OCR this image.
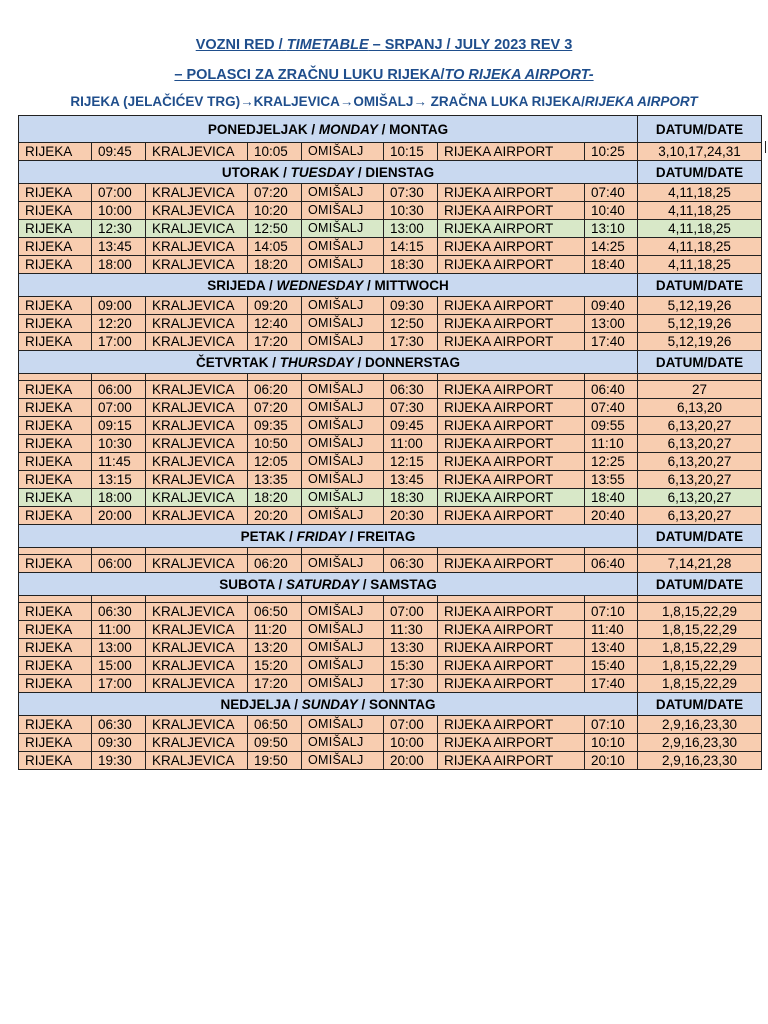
VOZNI RED / TIMETABLE – SRPANJ / JULY 2023 REV 3
– POLASCI ZA ZRAČNU LUKU RIJEKA/TO RIJEKA AIRPORT-
RIJEKA (JELAČIĆEV TRG)→KRALJEVICA→OMIŠALJ→ ZRAČNA LUKA RIJEKA/RIJEKA AIRPORT
PONEDJELJAK / MONDAY / MONTAG								DATUM/DATE
RIJEKA	09:45	KRALJEVICA	10:05	OMIŠALJ	10:15	RIJEKA AIRPORT	10:25	3,10,17,24,31
UTORAK / TUESDAY / DIENSTAG								DATUM/DATE
RIJEKA	07:00	KRALJEVICA	07:20	OMIŠALJ	07:30	RIJEKA AIRPORT	07:40	4,11,18,25
RIJEKA	10:00	KRALJEVICA	10:20	OMIŠALJ	10:30	RIJEKA AIRPORT	10:40	4,11,18,25
RIJEKA	12:30	KRALJEVICA	12:50	OMIŠALJ	13:00	RIJEKA AIRPORT	13:10	4,11,18,25
RIJEKA	13:45	KRALJEVICA	14:05	OMIŠALJ	14:15	RIJEKA AIRPORT	14:25	4,11,18,25
RIJEKA	18:00	KRALJEVICA	18:20	OMIŠALJ	18:30	RIJEKA AIRPORT	18:40	4,11,18,25
SRIJEDA / WEDNESDAY / MITTWOCH								DATUM/DATE
RIJEKA	09:00	KRALJEVICA	09:20	OMIŠALJ	09:30	RIJEKA AIRPORT	09:40	5,12,19,26
RIJEKA	12:20	KRALJEVICA	12:40	OMIŠALJ	12:50	RIJEKA AIRPORT	13:00	5,12,19,26
RIJEKA	17:00	KRALJEVICA	17:20	OMIŠALJ	17:30	RIJEKA AIRPORT	17:40	5,12,19,26
ČETVRTAK / THURSDAY / DONNERSTAG								DATUM/DATE

RIJEKA	06:00	KRALJEVICA	06:20	OMIŠALJ	06:30	RIJEKA AIRPORT	06:40	27
RIJEKA	07:00	KRALJEVICA	07:20	OMIŠALJ	07:30	RIJEKA AIRPORT	07:40	6,13,20
RIJEKA	09:15	KRALJEVICA	09:35	OMIŠALJ	09:45	RIJEKA AIRPORT	09:55	6,13,20,27
RIJEKA	10:30	KRALJEVICA	10:50	OMIŠALJ	11:00	RIJEKA AIRPORT	11:10	6,13,20,27
RIJEKA	11:45	KRALJEVICA	12:05	OMIŠALJ	12:15	RIJEKA AIRPORT	12:25	6,13,20,27
RIJEKA	13:15	KRALJEVICA	13:35	OMIŠALJ	13:45	RIJEKA AIRPORT	13:55	6,13,20,27
RIJEKA	18:00	KRALJEVICA	18:20	OMIŠALJ	18:30	RIJEKA AIRPORT	18:40	6,13,20,27
RIJEKA	20:00	KRALJEVICA	20:20	OMIŠALJ	20:30	RIJEKA AIRPORT	20:40	6,13,20,27
PETAK / FRIDAY / FREITAG								DATUM/DATE

RIJEKA	06:00	KRALJEVICA	06:20	OMIŠALJ	06:30	RIJEKA AIRPORT	06:40	7,14,21,28
SUBOTA / SATURDAY / SAMSTAG								DATUM/DATE

RIJEKA	06:30	KRALJEVICA	06:50	OMIŠALJ	07:00	RIJEKA AIRPORT	07:10	1,8,15,22,29
RIJEKA	11:00	KRALJEVICA	11:20	OMIŠALJ	11:30	RIJEKA AIRPORT	11:40	1,8,15,22,29
RIJEKA	13:00	KRALJEVICA	13:20	OMIŠALJ	13:30	RIJEKA AIRPORT	13:40	1,8,15,22,29
RIJEKA	15:00	KRALJEVICA	15:20	OMIŠALJ	15:30	RIJEKA AIRPORT	15:40	1,8,15,22,29
RIJEKA	17:00	KRALJEVICA	17:20	OMIŠALJ	17:30	RIJEKA AIRPORT	17:40	1,8,15,22,29
NEDJELJA / SUNDAY / SONNTAG								DATUM/DATE
RIJEKA	06:30	KRALJEVICA	06:50	OMIŠALJ	07:00	RIJEKA AIRPORT	07:10	2,9,16,23,30
RIJEKA	09:30	KRALJEVICA	09:50	OMIŠALJ	10:00	RIJEKA AIRPORT	10:10	2,9,16,23,30
RIJEKA	19:30	KRALJEVICA	19:50	OMIŠALJ	20:00	RIJEKA AIRPORT	20:10	2,9,16,23,30
